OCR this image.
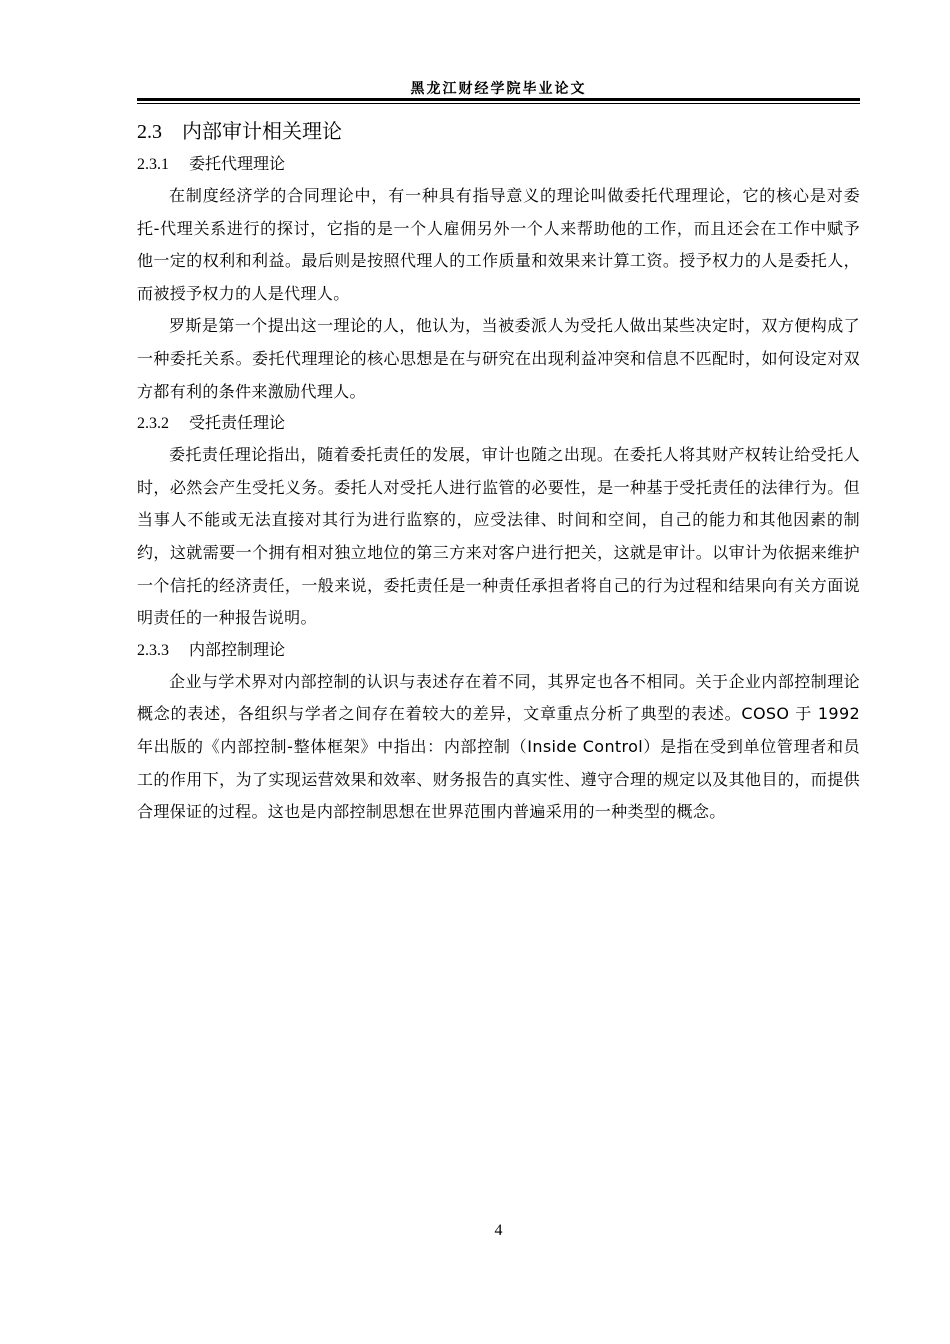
黑龙江财经学院毕业论文
2.3 内部审计相关理论
2.3.1 委托代理理论

在制度经济学的合同理论中，有一种具有指导意义的理论叫做委托代理理论，它的核心是对委托-代理关系进行的探讨，它指的是一个人雇佣另外一个人来帮助他的工作，而且还会在工作中赋予他一定的权利和利益。最后则是按照代理人的工作质量和效果来计算工资。授予权力的人是委托人，而被授予权力的人是代理人。

罗斯是第一个提出这一理论的人，他认为，当被委派人为受托人做出某些决定时，双方便构成了一种委托关系。委托代理理论的核心思想是在与研究在出现利益冲突和信息不匹配时，如何设定对双方都有利的条件来激励代理人。

2.3.2 受托责任理论

委托责任理论指出，随着委托责任的发展，审计也随之出现。在委托人将其财产权转让给受托人时，必然会产生受托义务。委托人对受托人进行监管的必要性，是一种基于受托责任的法律行为。但当事人不能或无法直接对其行为进行监察的，应受法律、时间和空间，自己的能力和其他因素的制约，这就需要一个拥有相对独立地位的第三方来对客户进行把关，这就是审计。以审计为依据来维护一个信托的经济责任，一般来说，委托责任是一种责任承担者将自己的行为过程和结果向有关方面说明责任的一种报告说明。

2.3.3 内部控制理论

企业与学术界对内部控制的认识与表述存在着不同，其界定也各不相同。关于企业内部控制理论概念的表述，各组织与学者之间存在着较大的差异，文章重点分析了典型的表述。COSO 于 1992 年出版的《内部控制-整体框架》中指出：内部控制（Inside Control）是指在受到单位管理者和员工的作用下，为了实现运营效果和效率、财务报告的真实性、遵守合理的规定以及其他目的，而提供合理保证的过程。这也是内部控制思想在世界范围内普遍采用的一种类型的概念。

4
